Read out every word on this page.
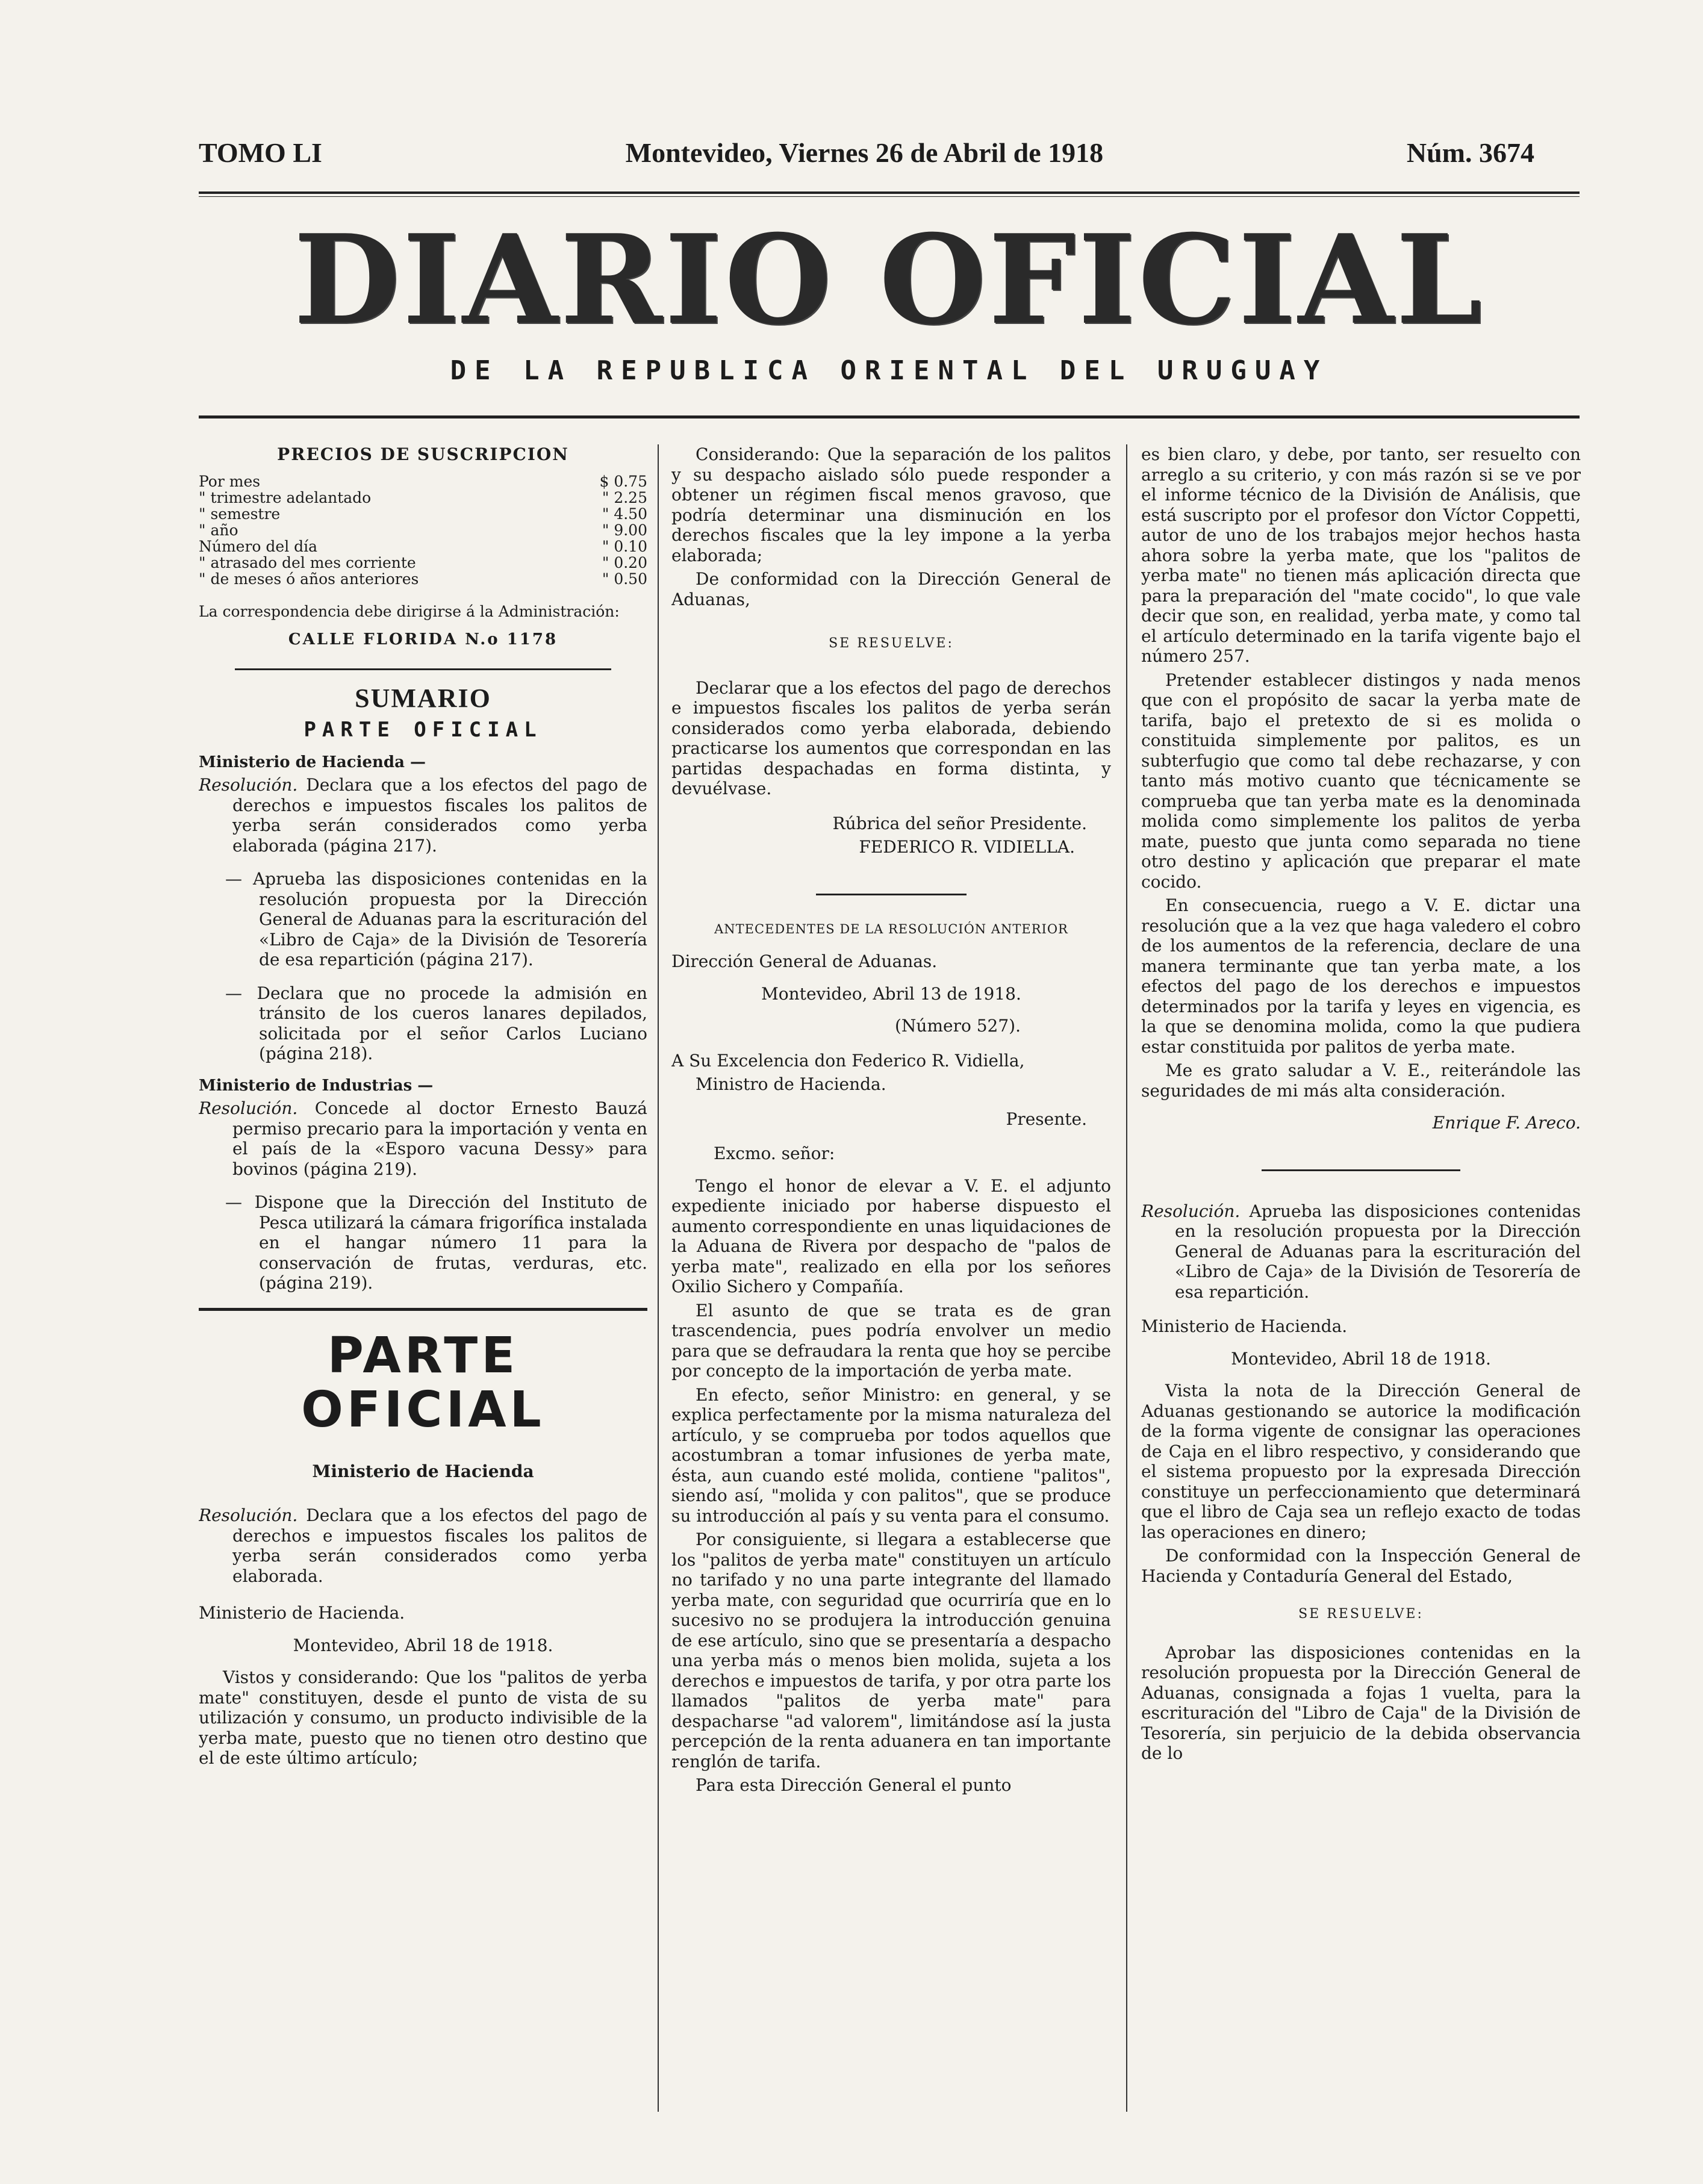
TOMO LI	Montevideo, Viernes 26 de Abril de 1918	Núm. 3674
DIARIO OFICIAL
DE LA REPUBLICA ORIENTAL DEL URUGUAY

PRECIOS DE SUSCRIPCION

Por mes	$ 0.75
" trimestre adelantado	" 2.25
" semestre	" 4.50
" año	" 9.00
Número del día	" 0.10
" atrasado del mes corriente	" 0.20
" de meses ó años anteriores	" 0.50

La correspondencia debe dirigirse á la Administración:

CALLE FLORIDA N.o 1178

SUMARIO

PARTE OFICIAL

Ministerio de Hacienda —

Resolución. Declara que a los efectos del pago de derechos e impuestos fiscales los palitos de yerba serán considerados como yerba elaborada (página 217).

— Aprueba las disposiciones contenidas en la resolución propuesta por la Dirección General de Aduanas para la escrituración del «Libro de Caja» de la División de Tesorería de esa repartición (página 217).

— Declara que no procede la admisión en tránsito de los cueros lanares depilados, solicitada por el señor Carlos Luciano (página 218).

Ministerio de Industrias —

Resolución. Concede al doctor Ernesto Bauzá permiso precario para la importación y venta en el país de la «Esporo vacuna Dessy» para bovinos (página 219).

— Dispone que la Dirección del Instituto de Pesca utilizará la cámara frigorífica instalada en el hangar número 11 para la conservación de frutas, verduras, etc. (página 219).

PARTE OFICIAL

Ministerio de Hacienda

Resolución. Declara que a los efectos del pago de derechos e impuestos fiscales los palitos de yerba serán considerados como yerba elaborada.

Ministerio de Hacienda.

Montevideo, Abril 18 de 1918.

Vistos y considerando: Que los "palitos de yerba mate" constituyen, desde el punto de vista de su utilización y consumo, un producto indivisible de la yerba mate, puesto que no tienen otro destino que el de este último artículo;

Considerando: Que la separación de los palitos y su despacho aislado sólo puede responder a obtener un régimen fiscal menos gravoso, que podría determinar una disminución en los derechos fiscales que la ley impone a la yerba elaborada;

De conformidad con la Dirección General de Aduanas,

SE RESUELVE:

Declarar que a los efectos del pago de derechos e impuestos fiscales los palitos de yerba serán considerados como yerba elaborada, debiendo practicarse los aumentos que correspondan en las partidas despachadas en forma distinta, y devuélvase.

Rúbrica del señor Presidente.

FEDERICO R. VIDIELLA.

ANTECEDENTES DE LA RESOLUCIÓN ANTERIOR

Dirección General de Aduanas.

Montevideo, Abril 13 de 1918.

(Número 527).

A Su Excelencia don Federico R. Vidiella,

Ministro de Hacienda.

Presente.

Excmo. señor:

Tengo el honor de elevar a V. E. el adjunto expediente iniciado por haberse dispuesto el aumento correspondiente en unas liquidaciones de la Aduana de Rivera por despacho de "palos de yerba mate", realizado en ella por los señores Oxilio Sichero y Compañía.

El asunto de que se trata es de gran trascendencia, pues podría envolver un medio para que se defraudara la renta que hoy se percibe por concepto de la importación de yerba mate.

En efecto, señor Ministro: en general, y se explica perfectamente por la misma naturaleza del artículo, y se comprueba por todos aquellos que acostumbran a tomar infusiones de yerba mate, ésta, aun cuando esté molida, contiene "palitos", siendo así, "molida y con palitos", que se produce su introducción al país y su venta para el consumo.

Por consiguiente, si llegara a establecerse que los "palitos de yerba mate" constituyen un artículo no tarifado y no una parte integrante del llamado yerba mate, con seguridad que ocurriría que en lo sucesivo no se produjera la introducción genuina de ese artículo, sino que se presentaría a despacho una yerba más o menos bien molida, sujeta a los derechos e impuestos de tarifa, y por otra parte los llamados "palitos de yerba mate" para despacharse "ad valorem", limitándose así la justa percepción de la renta aduanera en tan importante renglón de tarifa.

Para esta Dirección General el punto

es bien claro, y debe, por tanto, ser resuelto con arreglo a su criterio, y con más razón si se ve por el informe técnico de la División de Análisis, que está suscripto por el profesor don Víctor Coppetti, autor de uno de los trabajos mejor hechos hasta ahora sobre la yerba mate, que los "palitos de yerba mate" no tienen más aplicación directa que para la preparación del "mate cocido", lo que vale decir que son, en realidad, yerba mate, y como tal el artículo determinado en la tarifa vigente bajo el número 257.

Pretender establecer distingos y nada menos que con el propósito de sacar la yerba mate de tarifa, bajo el pretexto de si es molida o constituida simplemente por palitos, es un subterfugio que como tal debe rechazarse, y con tanto más motivo cuanto que técnicamente se comprueba que tan yerba mate es la denominada molida como simplemente los palitos de yerba mate, puesto que junta como separada no tiene otro destino y aplicación que preparar el mate cocido.

En consecuencia, ruego a V. E. dictar una resolución que a la vez que haga valedero el cobro de los aumentos de la referencia, declare de una manera terminante que tan yerba mate, a los efectos del pago de los derechos e impuestos determinados por la tarifa y leyes en vigencia, es la que se denomina molida, como la que pudiera estar constituida por palitos de yerba mate.

Me es grato saludar a V. E., reiterándole las seguridades de mi más alta consideración.

Enrique F. Areco.

Resolución. Aprueba las disposiciones contenidas en la resolución propuesta por la Dirección General de Aduanas para la escrituración del «Libro de Caja» de la División de Tesorería de esa repartición.

Ministerio de Hacienda.

Montevideo, Abril 18 de 1918.

Vista la nota de la Dirección General de Aduanas gestionando se autorice la modificación de la forma vigente de consignar las operaciones de Caja en el libro respectivo, y considerando que el sistema propuesto por la expresada Dirección constituye un perfeccionamiento que determinará que el libro de Caja sea un reflejo exacto de todas las operaciones en dinero;

De conformidad con la Inspección General de Hacienda y Contaduría General del Estado,

SE RESUELVE:

Aprobar las disposiciones contenidas en la resolución propuesta por la Dirección General de Aduanas, consignada a fojas 1 vuelta, para la escrituración del "Libro de Caja" de la División de Tesorería, sin perjuicio de la debida observancia de lo
